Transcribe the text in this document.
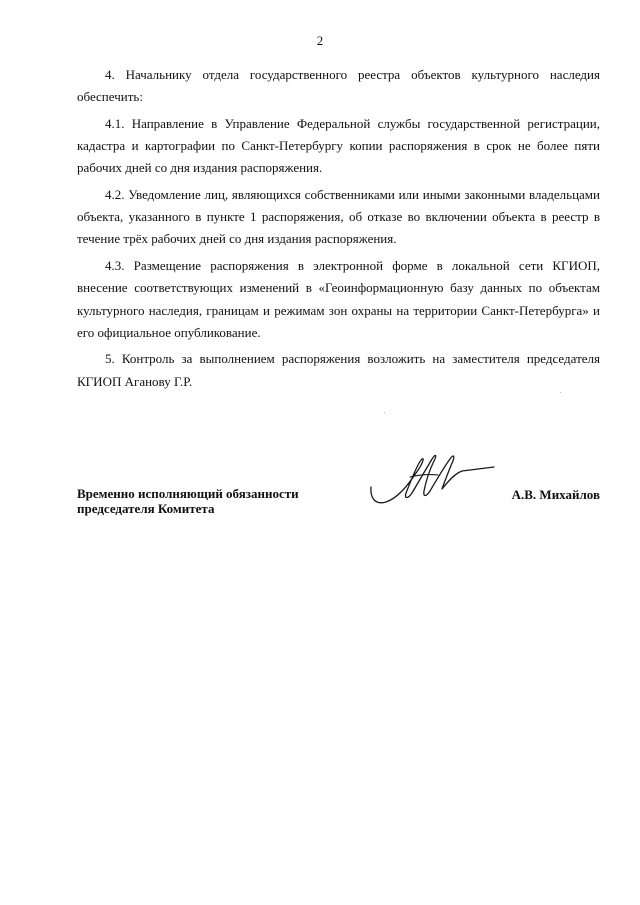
2

4. Начальнику отдела государственного реестра объектов культурного наследия обеспечить:

4.1. Направление в Управление Федеральной службы государственной регистрации, кадастра и картографии по Санкт-Петербургу копии распоряжения в срок не более пяти рабочих дней со дня издания распоряжения.

4.2. Уведомление лиц, являющихся собственниками или иными законными владельцами объекта, указанного в пункте 1 распоряжения, об отказе во включении объекта в реестр в течение трёх рабочих дней со дня издания распоряжения.

4.3. Размещение распоряжения в электронной форме в локальной сети КГИОП, внесение соответствующих изменений в «Геоинформационную базу данных по объектам культурного наследия, границам и режимам зон охраны на территории Санкт-Петербурга» и его официальное опубликование.

5. Контроль за выполнением распоряжения возложить на заместителя председателя КГИОП Аганову Г.Р.

Временно исполняющий обязанности
председателя Комитета
А.В. Михайлов
